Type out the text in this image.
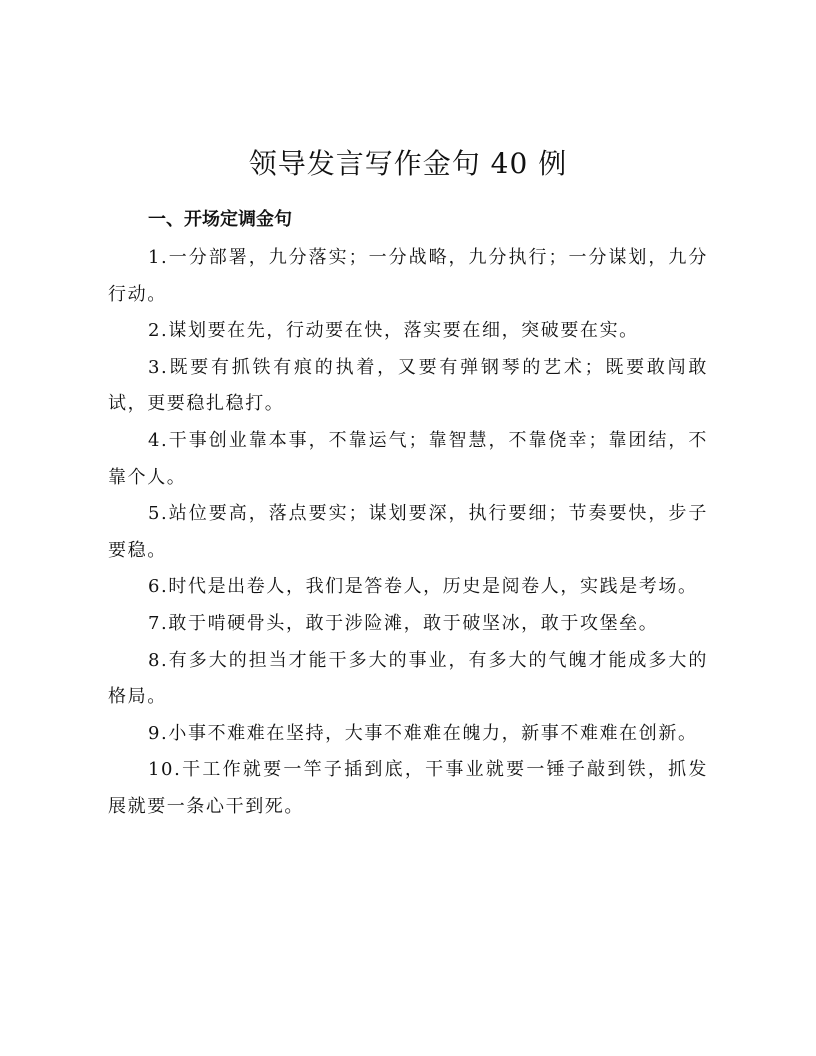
领导发言写作金句 40 例
一、开场定调金句
1.一分部署，九分落实；一分战略，九分执行；一分谋划，九分行动。
2.谋划要在先，行动要在快，落实要在细，突破要在实。
3.既要有抓铁有痕的执着，又要有弹钢琴的艺术；既要敢闯敢试，更要稳扎稳打。
4.干事创业靠本事，不靠运气；靠智慧，不靠侥幸；靠团结，不靠个人。
5.站位要高，落点要实；谋划要深，执行要细；节奏要快，步子要稳。
6.时代是出卷人，我们是答卷人，历史是阅卷人，实践是考场。
7.敢于啃硬骨头，敢于涉险滩，敢于破坚冰，敢于攻堡垒。
8.有多大的担当才能干多大的事业，有多大的气魄才能成多大的格局。
9.小事不难难在坚持，大事不难难在魄力，新事不难难在创新。
10.干工作就要一竿子插到底，干事业就要一锤子敲到铁，抓发展就要一条心干到死。
